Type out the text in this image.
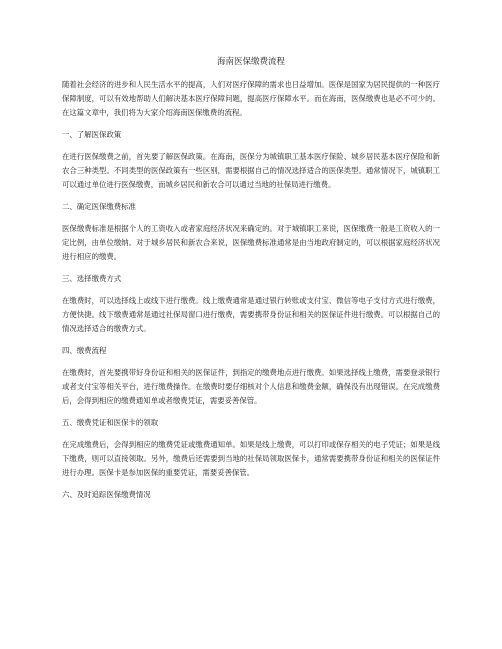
海南医保缴费流程

随着社会经济的进步和人民生活水平的提高，人们对医疗保障的需求也日益增加。医保是国家为居民提供的一种医疗保障制度，可以有效地帮助人们解决基本医疗保障问题，提高医疗保障水平。而在海南，医保缴费也是必不可少的。在这篇文章中，我们将为大家介绍海南医保缴费的流程。

一、了解医保政策

在进行医保缴费之前，首先要了解医保政策。在海南，医保分为城镇职工基本医疗保险、城乡居民基本医疗保险和新农合三种类型。不同类型的医保政策有一些区别，需要根据自己的情况选择适合的医保类型。通常情况下，城镇职工可以通过单位进行医保缴费，而城乡居民和新农合可以通过当地的社保局进行缴费。

二、确定医保缴费标准

医保缴费标准是根据个人的工资收入或者家庭经济状况来确定的。对于城镇职工来说，医保缴费一般是工资收入的一定比例，由单位缴纳。对于城乡居民和新农合来说，医保缴费标准通常是由当地政府制定的，可以根据家庭经济状况进行相应的缴费。

三、选择缴费方式

在缴费时，可以选择线上或线下进行缴费。线上缴费通常是通过银行转账或支付宝、微信等电子支付方式进行缴费，方便快捷。线下缴费通常是通过社保局窗口进行缴费，需要携带身份证和相关的医保证件进行缴费。可以根据自己的情况选择适合的缴费方式。

四、缴费流程

在缴费时，首先要携带好身份证和相关的医保证件，到指定的缴费地点进行缴费。如果选择线上缴费，需要登录银行或者支付宝等相关平台，进行缴费操作。在缴费时要仔细核对个人信息和缴费金额，确保没有出现错误。在完成缴费后，会得到相应的缴费通知单或者缴费凭证，需要妥善保管。

五、缴费凭证和医保卡的领取

在完成缴费后，会得到相应的缴费凭证或缴费通知单。如果是线上缴费，可以打印或保存相关的电子凭证；如果是线下缴费，则可以直接领取。另外，缴费后还需要到当地的社保局领取医保卡，通常需要携带身份证和相关的医保证件进行办理。医保卡是参加医保的重要凭证，需要妥善保管。

六、及时追踪医保缴费情况
